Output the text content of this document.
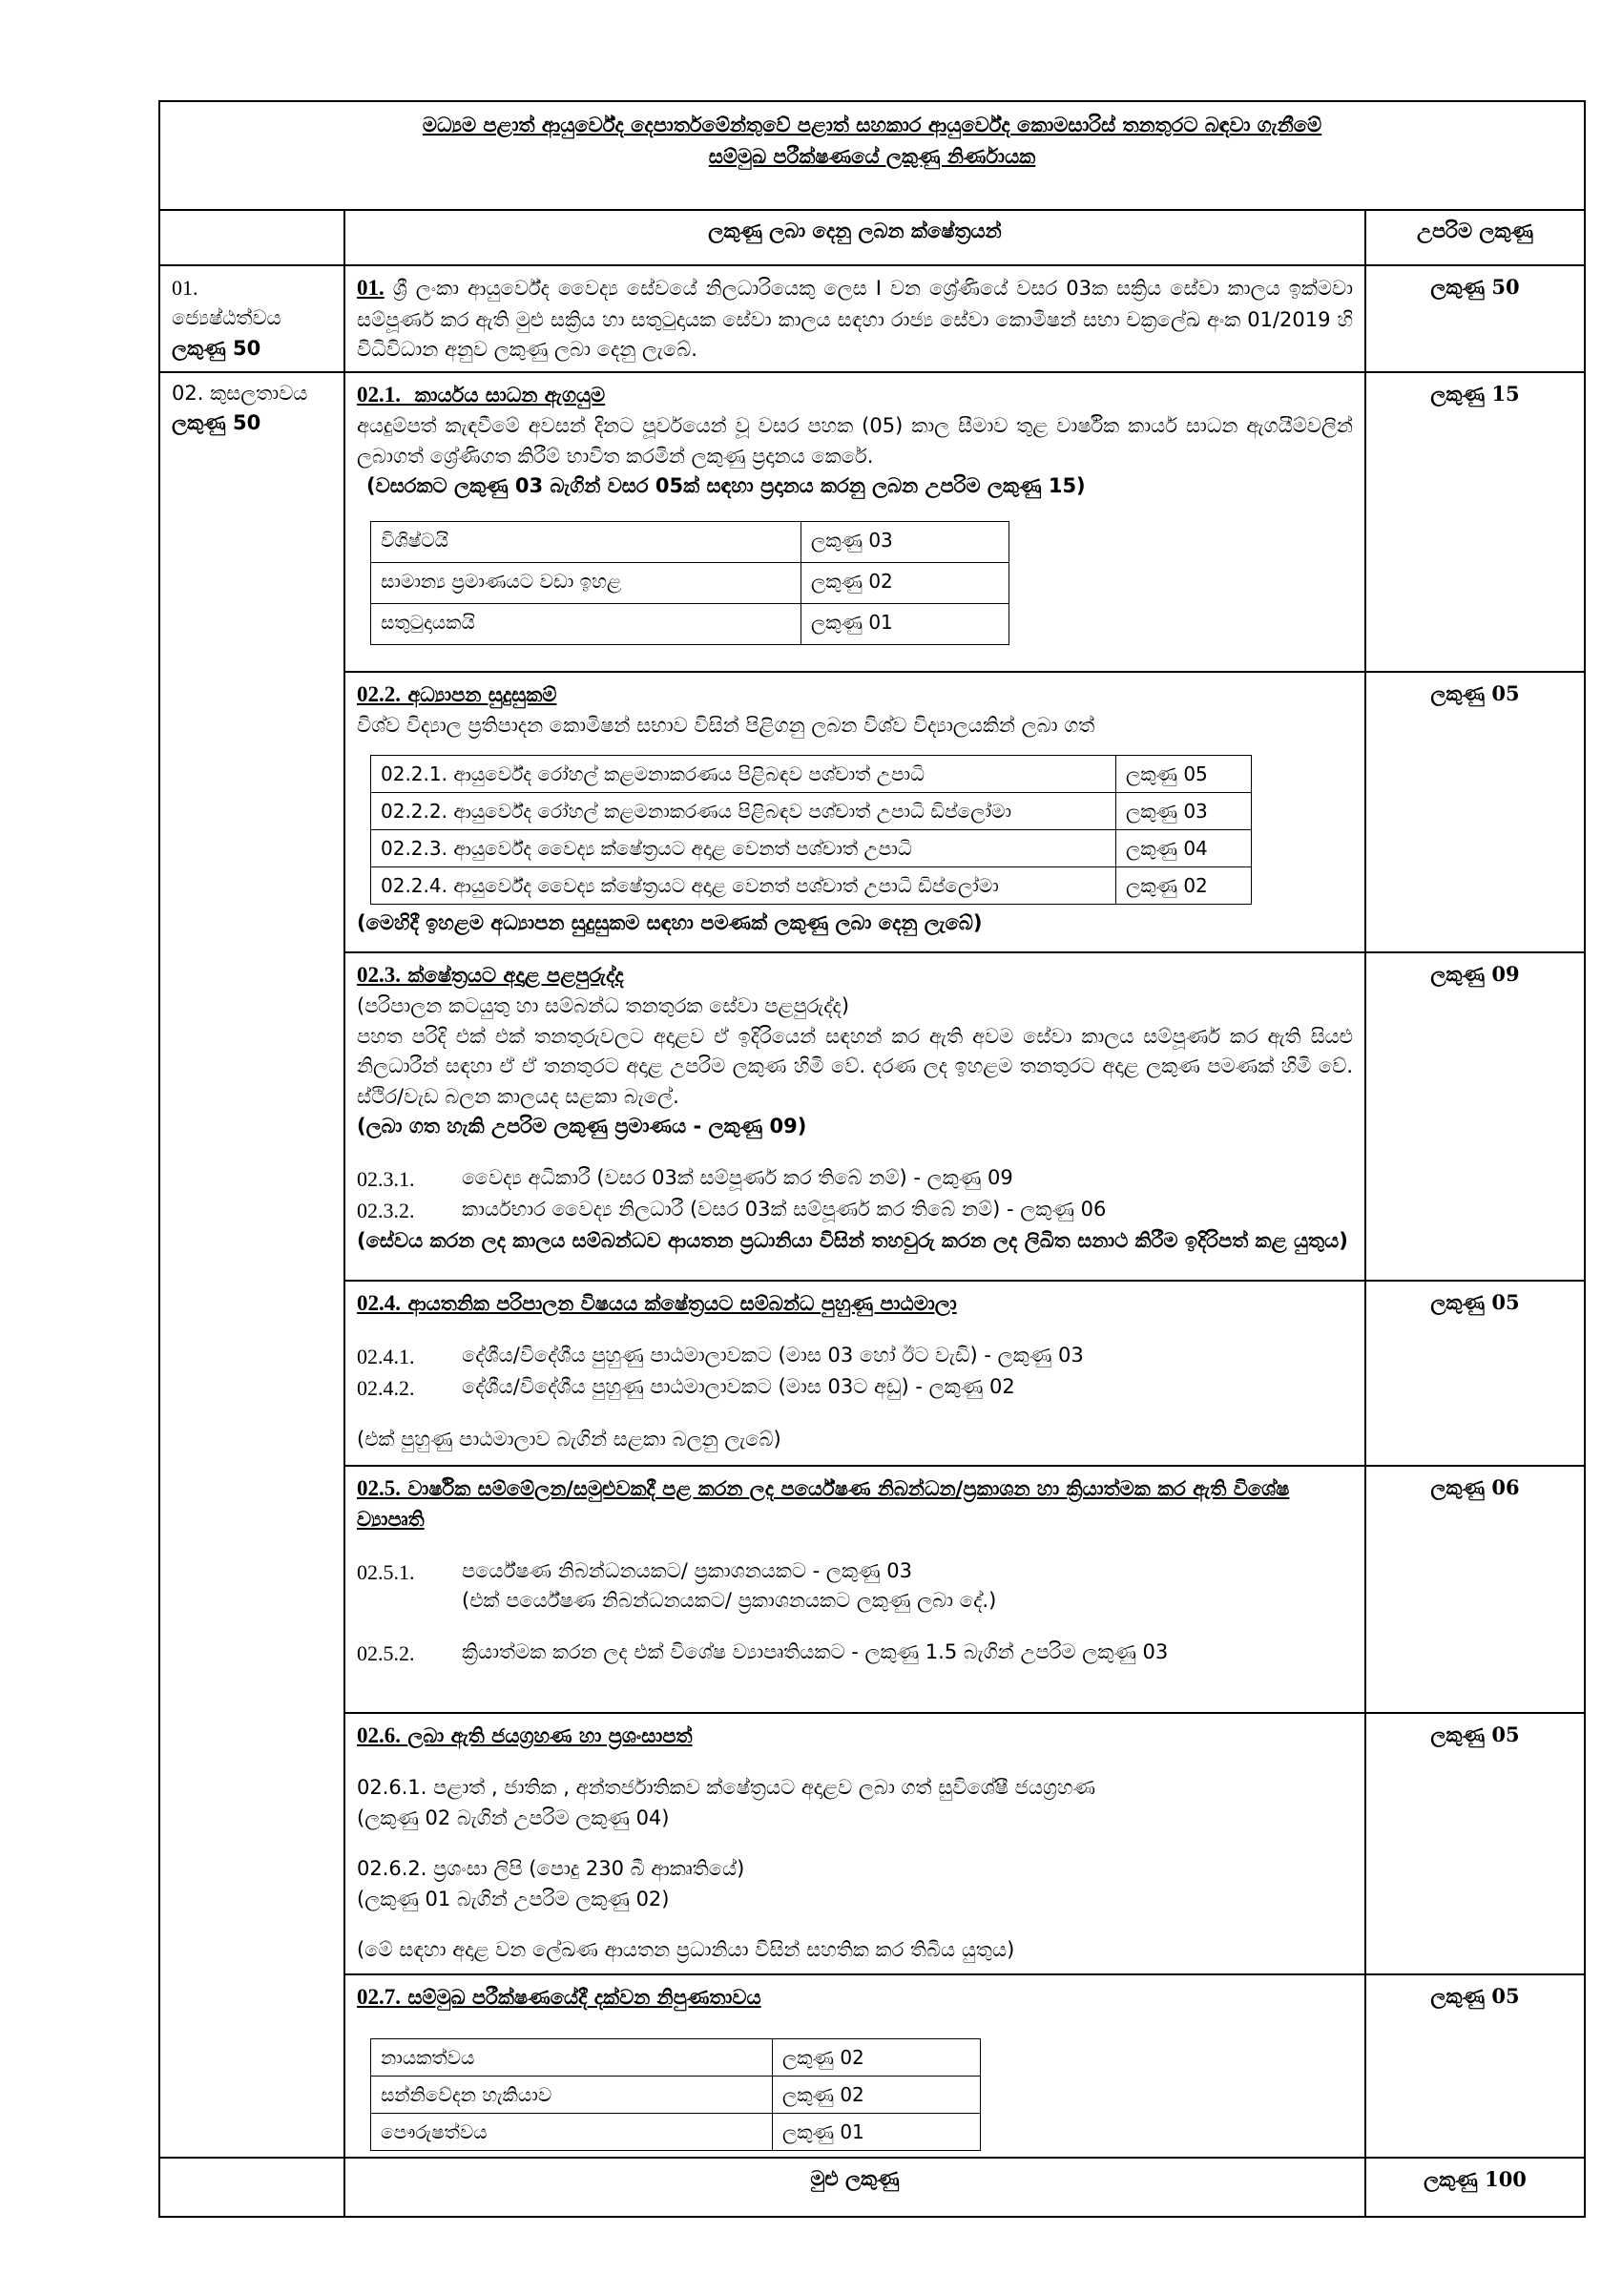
මධ්‍යම පළාත් ආයුර්වේද දෙපාර්තමේන්තුවේ පළාත් සහකාර ආයුර්වේද කොමසාරිස් තනතුරට බඳවා ගැනීමේ
සම්මුඛ පරීක්ෂණයේ ලකුණු නිර්ණායක

	ලකුණු ලබා දෙනු ලබන ක්ෂේත්‍රයන්	උපරිම ලකුණු

01.
ජ්‍යෙෂ්ඨත්වය
ලකුණු 50
	01. ශ්‍රී ලංකා ආයුර්වේද වෛද්‍ය සේවයේ නිලධාරියෙකු ලෙස I වන ශ්‍රේණියේ වසර 03ක සක්‍රිය සේවා කාලය ඉක්මවා සම්පූර්ණ කර ඇති මුළු සක්‍රිය හා සතුටුදායක සේවා කාලය සඳහා රාජ්‍ය සේවා කොමිෂන් සභා චක්‍රලේඛ අංක 01/2019 හි විධිවිධාන අනුව ලකුණු ලබා දෙනු ලැබේ.	ලකුණු 50

02. කුසලතාවය
ලකුණු 50

02.1. කාර්යය සාධන ඇගයුම
අයදුම්පත් කැඳවීමේ අවසන් දිනට පූර්වයෙන් වූ වසර පහක (05) කාල සීමාව තුළ වාර්ෂික කාර්ය සාධන ඇගයීම්වලින් ලබාගත් ශ්‍රේණිගත කිරීම් භාවිත කරමින් ලකුණු ප්‍රදානය කෙරේ.
(වසරකට ලකුණු 03 බැගින් වසර 05ක් සඳහා ප්‍රදානය කරනු ලබන උපරිම ලකුණු 15)
විශිෂ්ටයි	ලකුණු 03
සාමාන්‍ය ප්‍රමාණයට වඩා ඉහළ	ලකුණු 02
සතුටුදායකයි	ලකුණු 01
	ලකුණු 15

02.2. අධ්‍යාපන සුදුසුකම්
විශ්ව විද්‍යාල ප්‍රතිපාදන කොමිෂන් සභාව විසින් පිළිගනු ලබන විශ්ව විද්‍යාලයකින් ලබා ගත්
02.2.1. ආයුර්වේද රෝහල් කළමනාකරණය පිළිබඳව පශ්චාත් උපාධි	ලකුණු 05
02.2.2. ආයුර්වේද රෝහල් කළමනාකරණය පිළිබඳව පශ්චාත් උපාධි ඩිප්ලෝමා	ලකුණු 03
02.2.3. ආයුර්වේද වෛද්‍ය ක්ෂේත්‍රයට අදාළ වෙනත් පශ්චාත් උපාධි	ලකුණු 04
02.2.4. ආයුර්වේද වෛද්‍ය ක්ෂේත්‍රයට අදාළ වෙනත් පශ්චාත් උපාධි ඩිප්ලෝමා	ලකුණු 02
(මෙහිදී ඉහළම අධ්‍යාපන සුදුසුකම සඳහා පමණක් ලකුණු ලබා දෙනු ලැබේ)
	ලකුණු 05

02.3. ක්ෂේත්‍රයට අදාළ පළපුරුද්ද
(පරිපාලන කටයුතු හා සම්බන්ධ තනතුරක සේවා පළපුරුද්ද)
පහත පරිදි එක් එක් තනතුරුවලට අදාළව ඒ ඉදිරියෙන් සඳහන් කර ඇති අවම සේවා කාලය සම්පූර්ණ කර ඇති සියළු නිලධාරීන් සඳහා ඒ ඒ තනතුරට අදාළ උපරිම ලකුණ හිමි වේ. දරණ ලද ඉහළම තනතුරට අදාළ ලකුණ පමණක් හිමි වේ. ස්ථිර/වැඩ බලන කාලයද සළකා බැලේ.
(ලබා ගත හැකි උපරිම ලකුණු ප්‍රමාණය - ලකුණු 09)
02.3.1.	වෛද්‍ය අධිකාරී (වසර 03ක් සම්පූර්ණ කර තිබේ නම්) - ලකුණු 09
02.3.2.	කාර්යභාර වෛද්‍ය නිලධාරී (වසර 03ක් සම්පූර්ණ කර තිබේ නම්) - ලකුණු 06
(සේවය කරන ලද කාලය සම්බන්ධව ආයතන ප්‍රධානියා විසින් තහවුරු කරන ලද ලිඛිත සනාථ කිරීම ඉදිරිපත් කළ යුතුය)
	ලකුණු 09

02.4. ආයතනික පරිපාලන විෂයය ක්ෂේත්‍රයට සම්බන්ධ පුහුණු පාඨමාලා
02.4.1.	දේශීය/විදේශීය පුහුණු පාඨමාලාවකට (මාස 03 හෝ ඊට වැඩි) - ලකුණු 03
02.4.2.	දේශීය/විදේශීය පුහුණු පාඨමාලාවකට (මාස 03ට අඩු) - ලකුණු 02
(එක් පුහුණු පාඨමාලාව බැගින් සළකා බලනු ලැබේ)
	ලකුණු 05

02.5. වාර්ෂික සම්මේලන/සමුළුවකදී පළ කරන ලද පර්යේෂණ නිබන්ධන/ප්‍රකාශන හා ක්‍රියාත්මක කර ඇති විශේෂ ව්‍යාපෘති
02.5.1.	පර්යේෂණ නිබන්ධනයකට/ ප්‍රකාශනයකට - ලකුණු 03
(එක් පර්යේෂණ නිබන්ධනයකට/ ප්‍රකාශනයකට ලකුණු ලබා දේ.)
02.5.2.	ක්‍රියාත්මක කරන ලද එක් විශේෂ ව්‍යාපෘතියකට - ලකුණු 1.5 බැගින් උපරිම ලකුණු 03
	ලකුණු 06

02.6. ලබා ඇති ජයග්‍රහණ හා ප්‍රශංසාපත්
02.6.1. පළාත් , ජාතික , අන්තර්ජාතිකව ක්ෂේත්‍රයට අදාළව ලබා ගත් සුවිශේෂී ජයග්‍රහණ
(ලකුණු 02 බැගින් උපරිම ලකුණු 04)
02.6.2. ප්‍රශංසා ලිපි (පොදු 230 බී ආකෘතියේ)
(ලකුණු 01 බැගින් උපරිම ලකුණු 02)
(මේ සඳහා අදාළ වන ලේඛණ ආයතන ප්‍රධානියා විසින් සහතික කර තිබිය යුතුය)
	ලකුණු 05

02.7. සම්මුඛ පරීක්ෂණයේදී දක්වන නිපුණතාවය
නායකත්වය	ලකුණු 02
සන්නිවේදන හැකියාව	ලකුණු 02
පෞරුෂත්වය	ලකුණු 01
	ලකුණු 05
	මුළු ලකුණු	ලකුණු 100
